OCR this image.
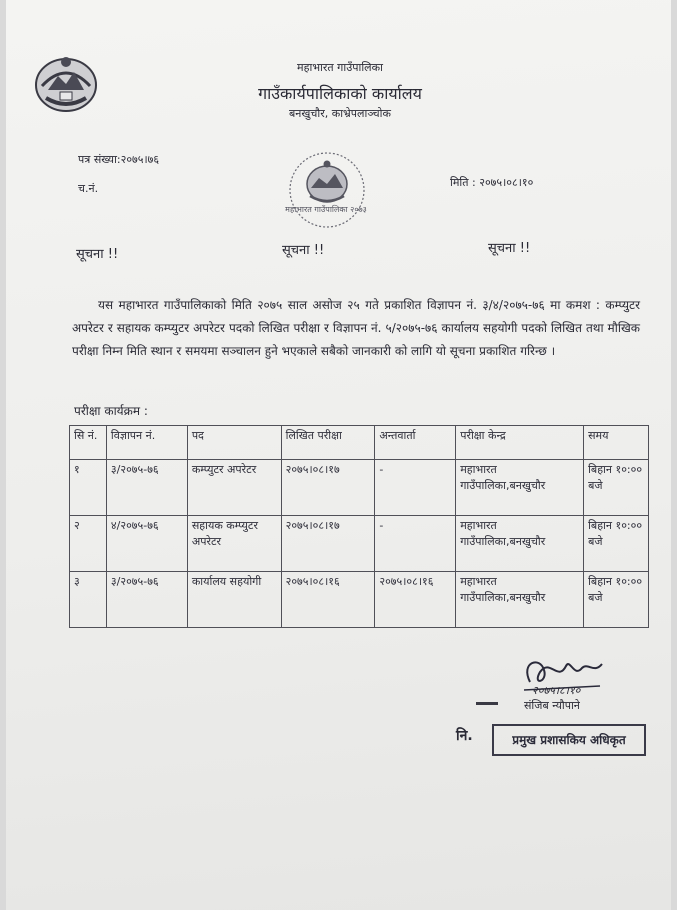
महाभारत गाउँपालिका
गाउँकार्यपालिकाको कार्यालय
बनखुचौर, काभ्रेपलाञ्चोक
पत्र संख्या:२०७५।७६
च.नं.	मिति : २०७५।०८।१०
महाभारत गाउँपालिका २०७३
सूचना !!	सूचना !!	सूचना !!

यस महाभारत गाउँपालिकाको मिति २०७५ साल असोज २५ गते प्रकाशित विज्ञापन नं. ३/४/२०७५-७६ मा कमश : कम्प्युटर अपरेटर र सहायक कम्प्युटर अपरेटर पदको लिखित परीक्षा र विज्ञापन नं. ५/२०७५-७६ कार्यालय सहयोगी पदको लिखित तथा मौखिक परीक्षा निम्न मिति स्थान र समयमा सञ्चालन हुने भएकाले सबैको जानकारी को लागि यो सूचना प्रकाशित गरिन्छ ।

परीक्षा कार्यक्रम :
सि नं.	विज्ञापन नं.	पद	लिखित परीक्षा	अन्तवार्ता	परीक्षा केन्द्र	समय
१	३/२०७५-७६	कम्प्युटर अपरेटर	२०७५।०८।१७	-	महाभारत गाउँपालिका,बनखुचौर	बिहान १०:०० बजे
२	४/२०७५-७६	सहायक कम्प्युटर अपरेटर	२०७५।०८।१७	-	महाभारत गाउँपालिका,बनखुचौर	बिहान १०:०० बजे
३	३/२०७५-७६	कार्यालय सहयोगी	२०७५।०८।१६	२०७५।०८।१६	महाभारत गाउँपालिका,बनखुचौर	बिहान १०:०० बजे
२०७५।८।१०
संजिब न्यौपाने
नि.	प्रमुख प्रशासकिय अधिकृत
